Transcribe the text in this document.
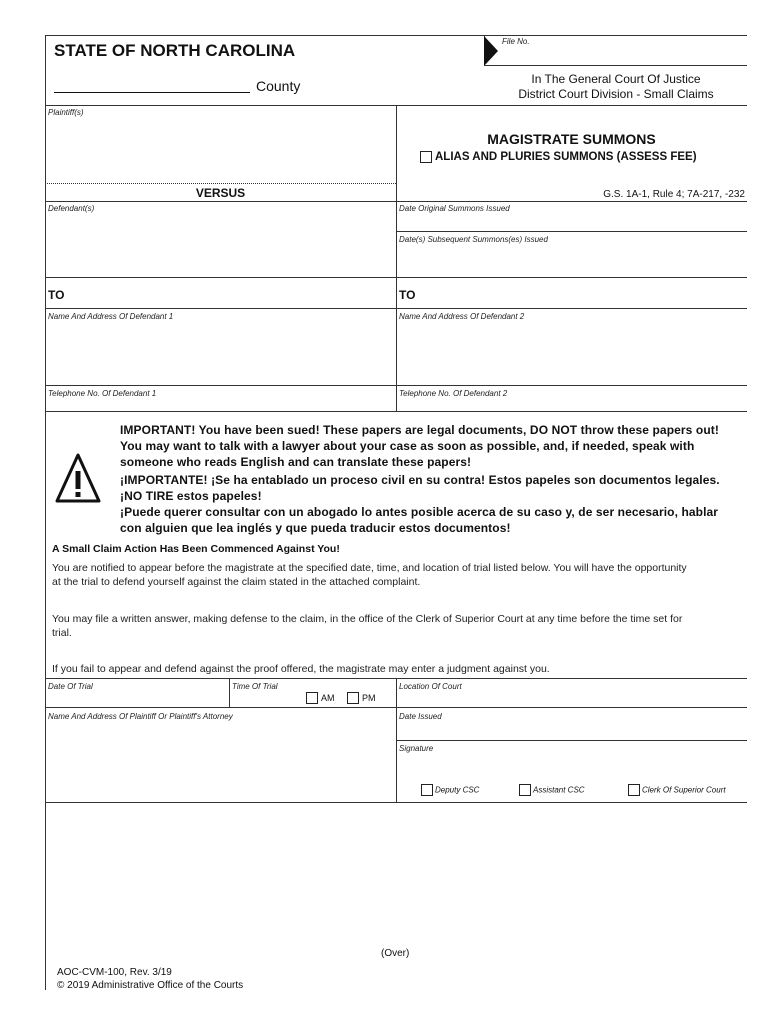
File No.
STATE OF NORTH CAROLINA
County	In The General Court Of Justice
District Court Division - Small Claims
Plaintiff(s)
VERSUS
Defendant(s)
MAGISTRATE SUMMONS
ALIAS AND PLURIES SUMMONS (ASSESS FEE)
G.S. 1A-1, Rule 4; 7A-217, -232
Date Original Summons Issued
Date(s) Subsequent Summons(es) Issued
TO	TO
Name And Address Of Defendant 1	Name And Address Of Defendant 2
Telephone No. Of Defendant 1	Telephone No. Of Defendant 2
IMPORTANT! You have been sued! These papers are legal documents, DO NOT throw these papers out!
You may want to talk with a lawyer about your case as soon as possible, and, if needed, speak with
someone who reads English and can translate these papers!
¡IMPORTANTE! ¡Se ha entablado un proceso civil en su contra! Estos papeles son documentos legales.
¡NO TIRE estos papeles!
¡Puede querer consultar con un abogado lo antes posible acerca de su caso y, de ser necesario, hablar
con alguien que lea inglés y que pueda traducir estos documentos!
A Small Claim Action Has Been Commenced Against You!
You are notified to appear before the magistrate at the specified date, time, and location of trial listed below. You will have the opportunity
at the trial to defend yourself against the claim stated in the attached complaint.
You may file a written answer, making defense to the claim, in the office of the Clerk of Superior Court at any time before the time set for
trial.
If you fail to appear and defend against the proof offered, the magistrate may enter a judgment against you.
Date Of Trial	Time Of Trial	Location Of Court
AM	PM
Name And Address Of Plaintiff Or Plaintiff's Attorney	Date Issued
Signature
Deputy CSC	Assistant CSC	Clerk Of Superior Court
(Over)
AOC-CVM-100, Rev. 3/19
© 2019 Administrative Office of the Courts
